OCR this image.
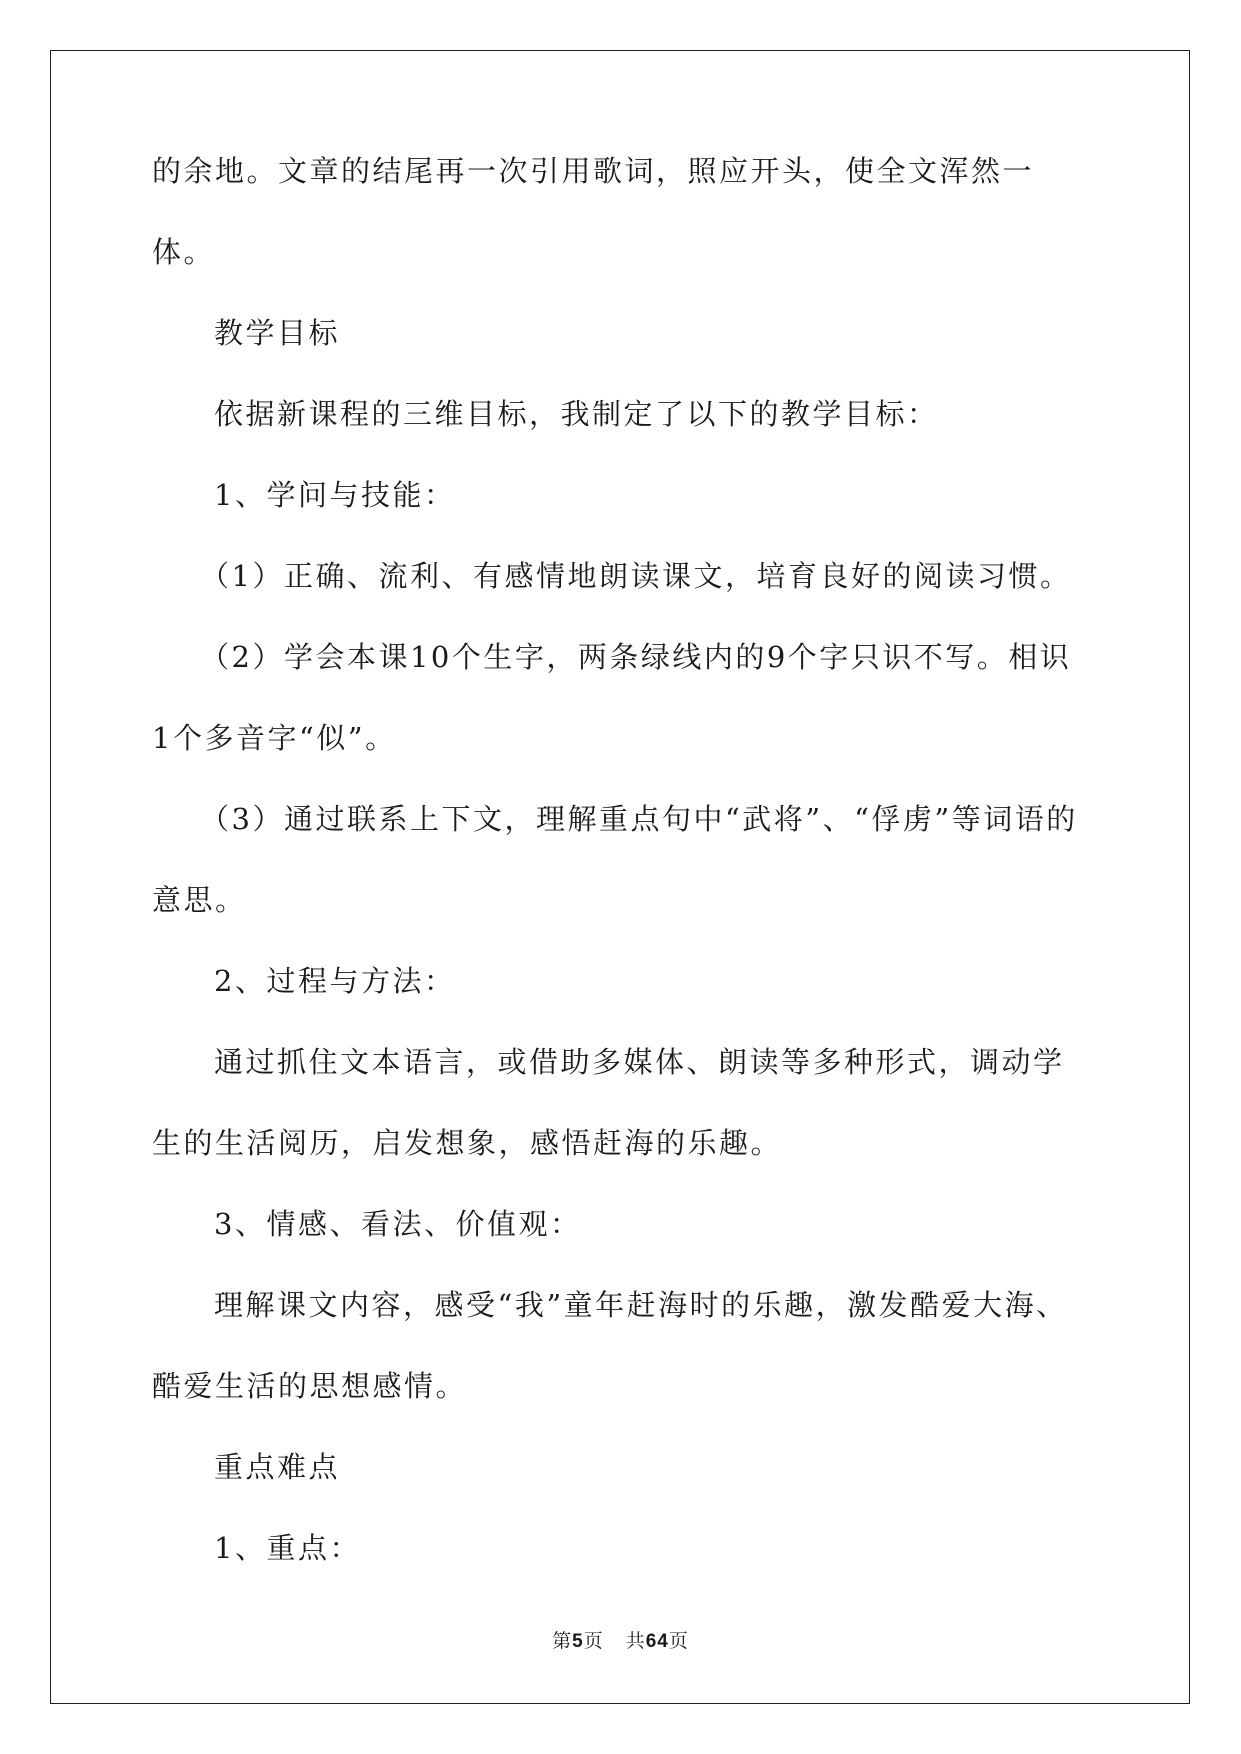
的余地。文章的结尾再一次引用歌词，照应开头，使全文浑然一体。

教学目标

依据新课程的三维目标，我制定了以下的教学目标：

1、学问与技能：

（1）正确、流利、有感情地朗读课文，培育良好的阅读习惯。

（2）学会本课10个生字，两条绿线内的9个字只识不写。相识1个多音字“似”。

（3）通过联系上下文，理解重点句中“武将”、“俘虏”等词语的意思。

2、过程与方法：

通过抓住文本语言，或借助多媒体、朗读等多种形式，调动学生的生活阅历，启发想象，感悟赶海的乐趣。

3、情感、看法、价值观：

理解课文内容，感受“我”童年赶海时的乐趣，激发酷爱大海、酷爱生活的思想感情。

重点难点

1、重点：

第5页 共64页
